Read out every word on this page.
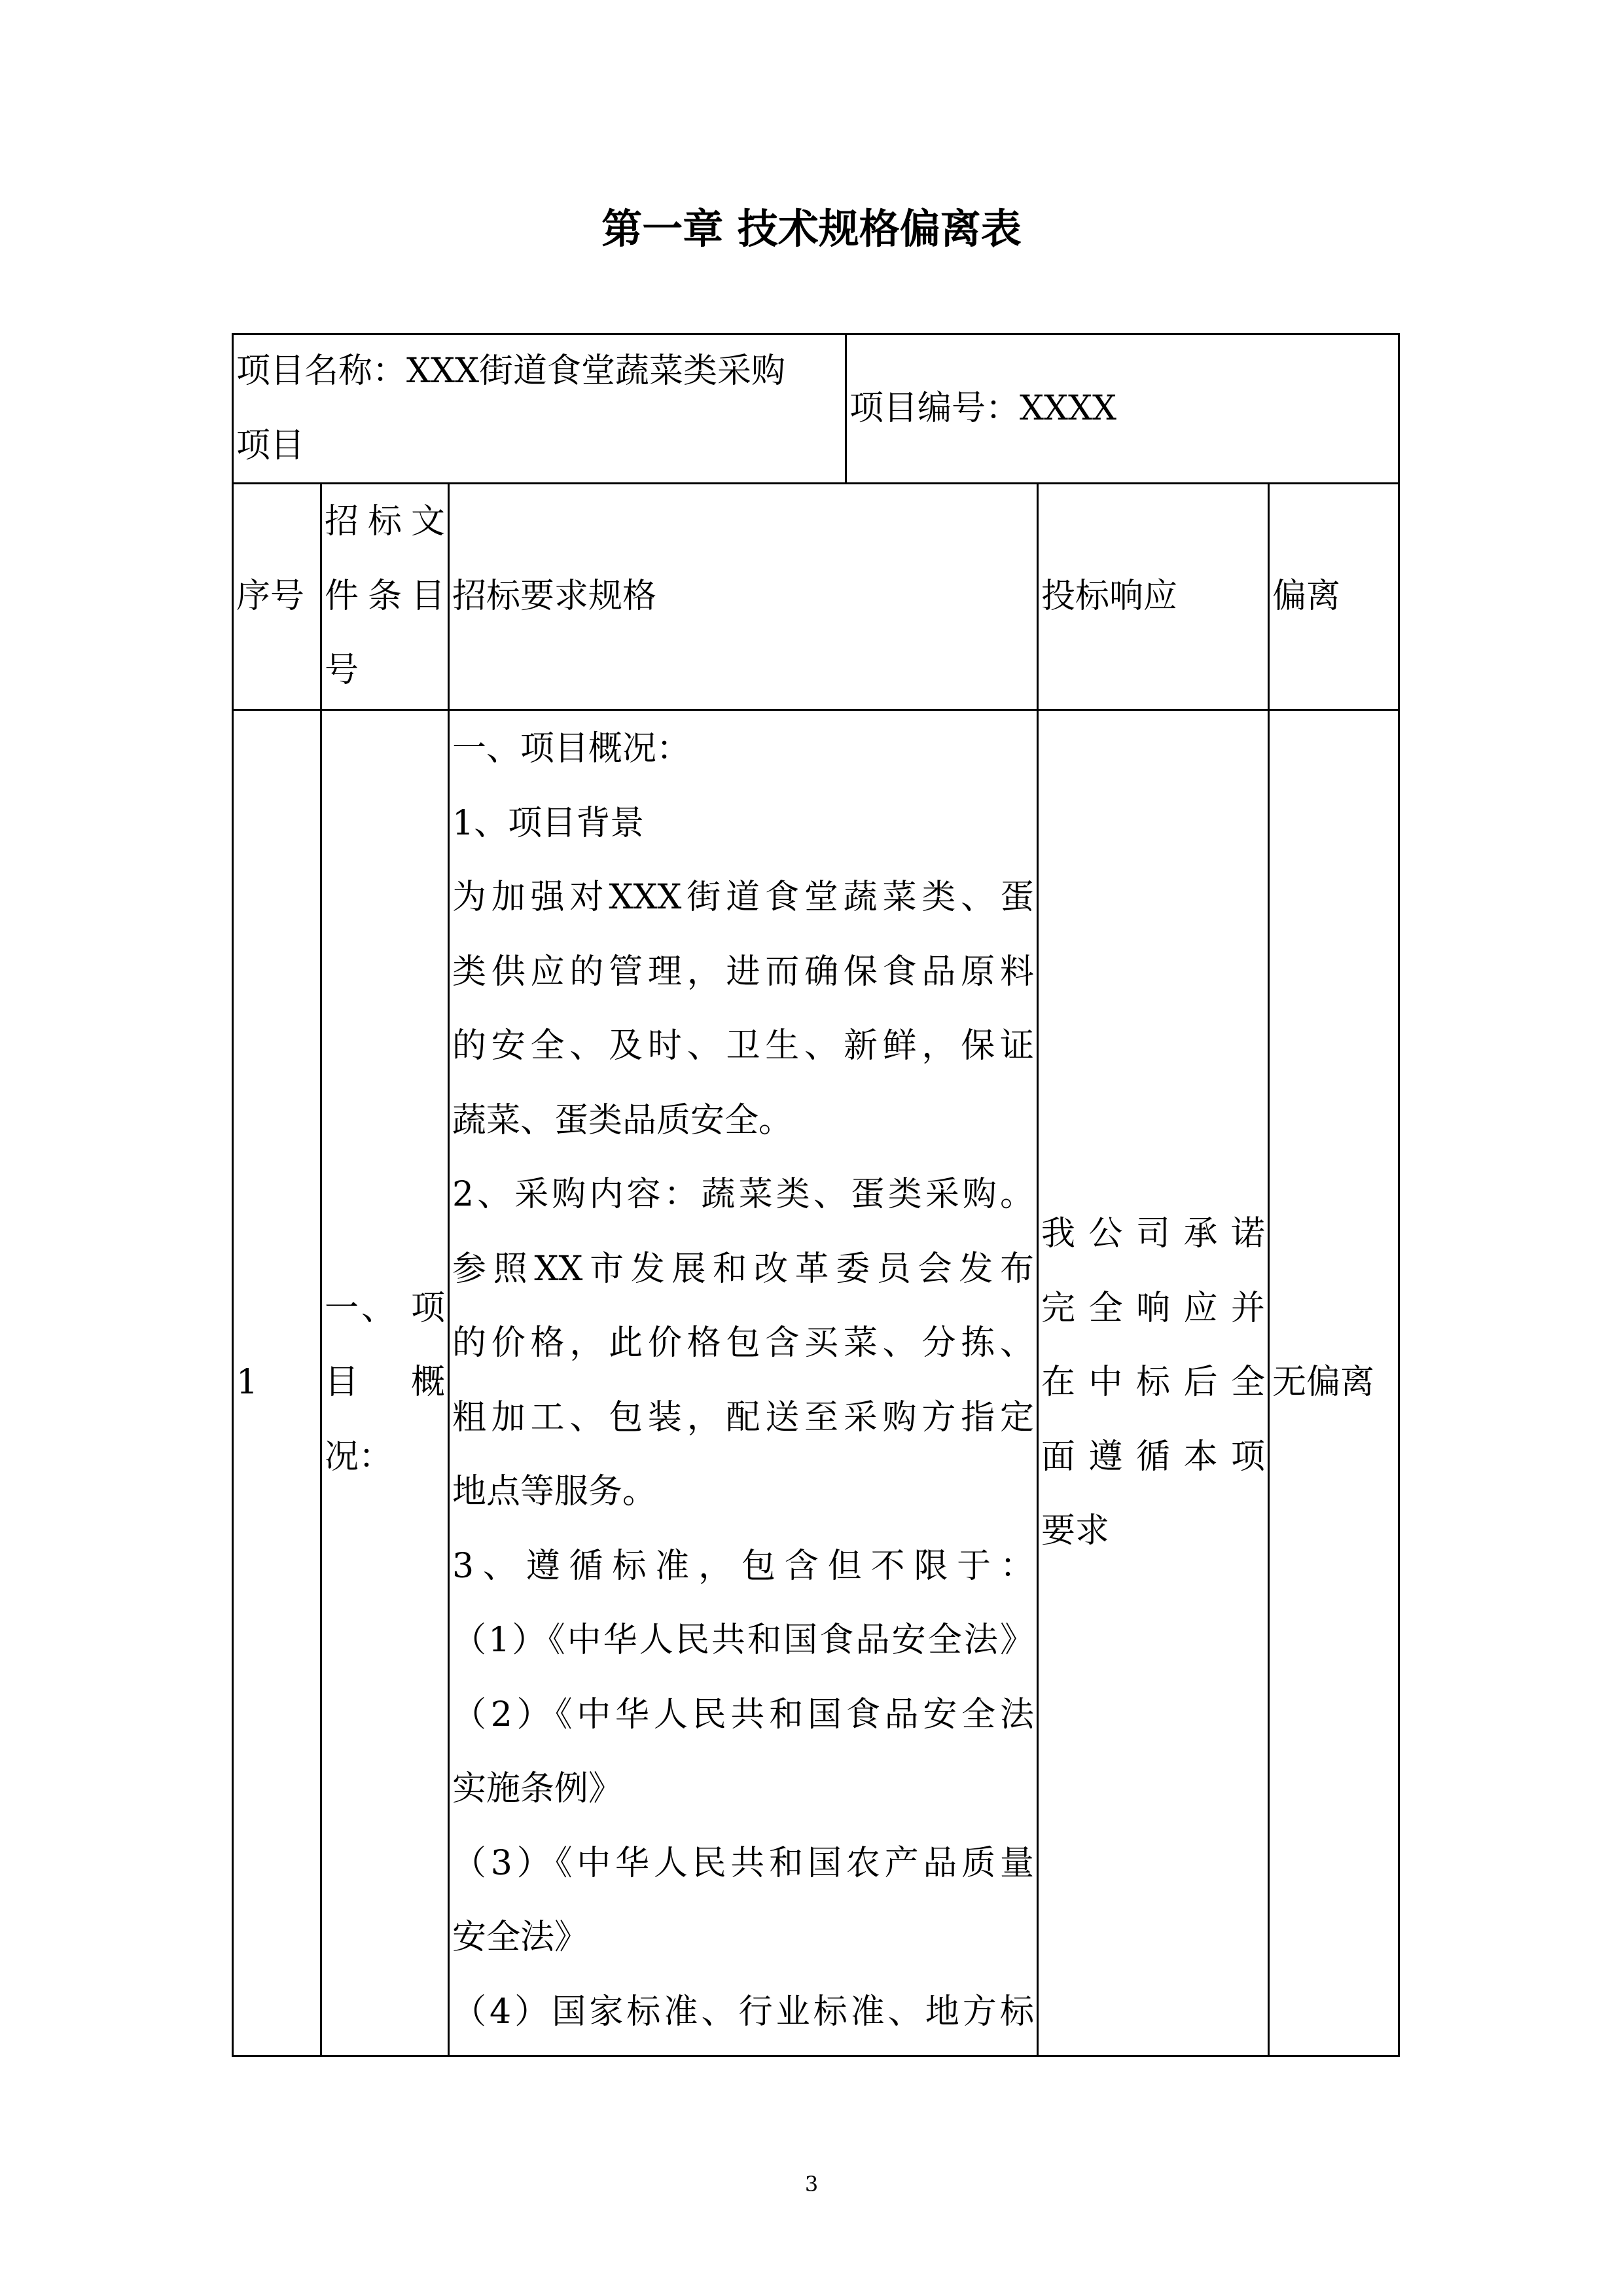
第一章 技术规格偏离表
项目名称：XXX街道食堂蔬菜类采购
项目
项目编号：XXXX
序号
招标文
件条目
号
招标要求规格	投标响应	偏离
1
一、 项
目 概
况：
一、项目概况：
1、项目背景
为加强对XXX街道食堂蔬菜类、蛋
类供应的管理，进而确保食品原料
的安全、及时、卫生、新鲜，保证
蔬菜、蛋类品质安全。
2、采购内容：蔬菜类、蛋类采购。
参照XX市发展和改革委员会发布
的价格，此价格包含买菜、分拣、
粗加工、包装，配送至采购方指定
地点等服务。
3、遵循标准，包含但不限于：
（1）《中华人民共和国食品安全法》
（2）《中华人民共和国食品安全法
实施条例》
（3）《中华人民共和国农产品质量
安全法》
（4）国家标准、行业标准、地方标
我公司承诺
完全响应并
在中标后全
面遵循本项
要求
无偏离
3
